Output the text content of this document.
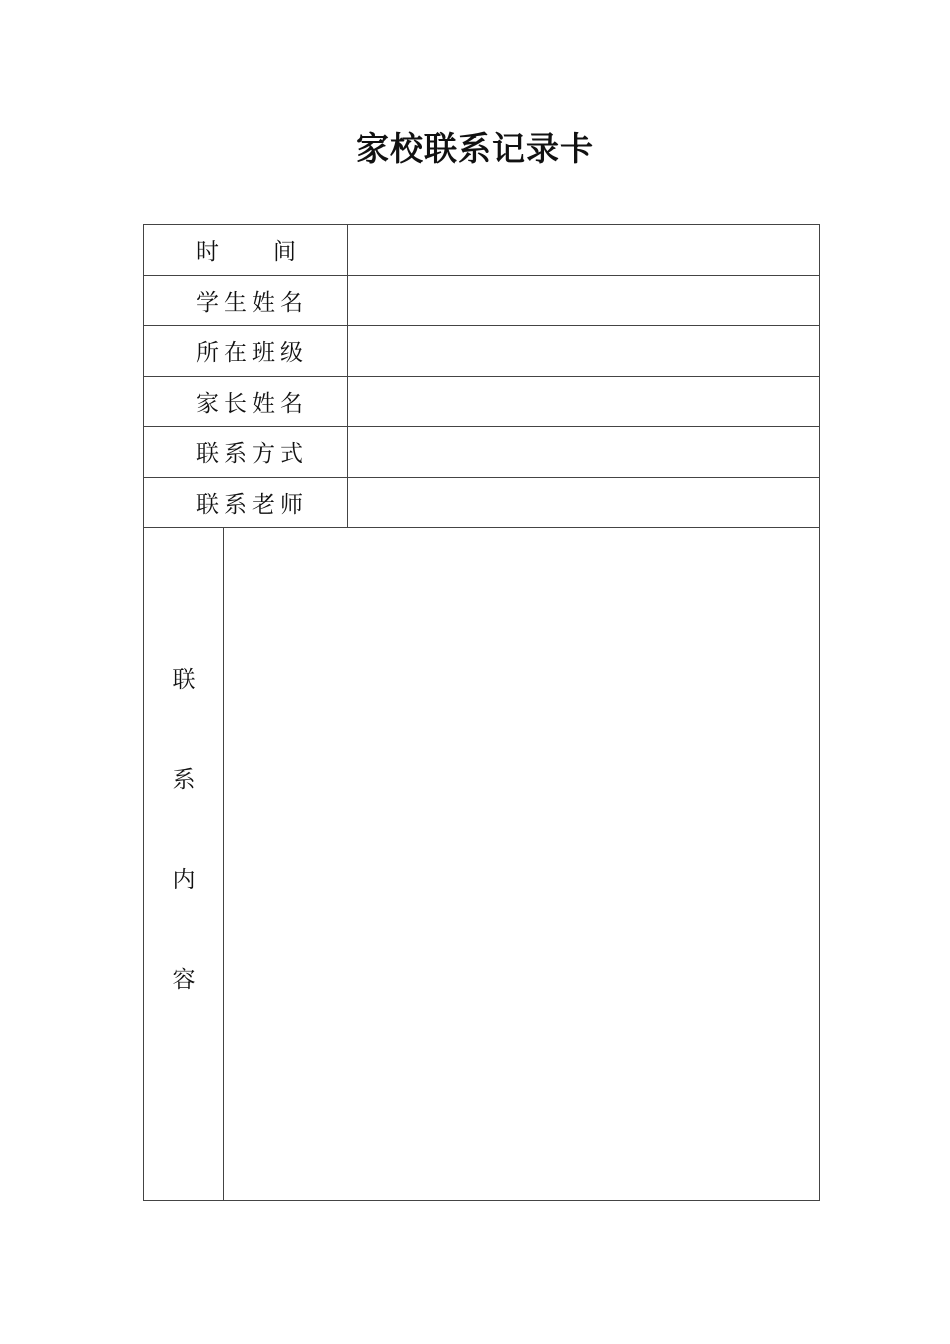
家校联系记录卡
时 间		
学生姓名		
所在班级		
家长姓名		
联系方式		
联系老师		

联
系
内
容		
